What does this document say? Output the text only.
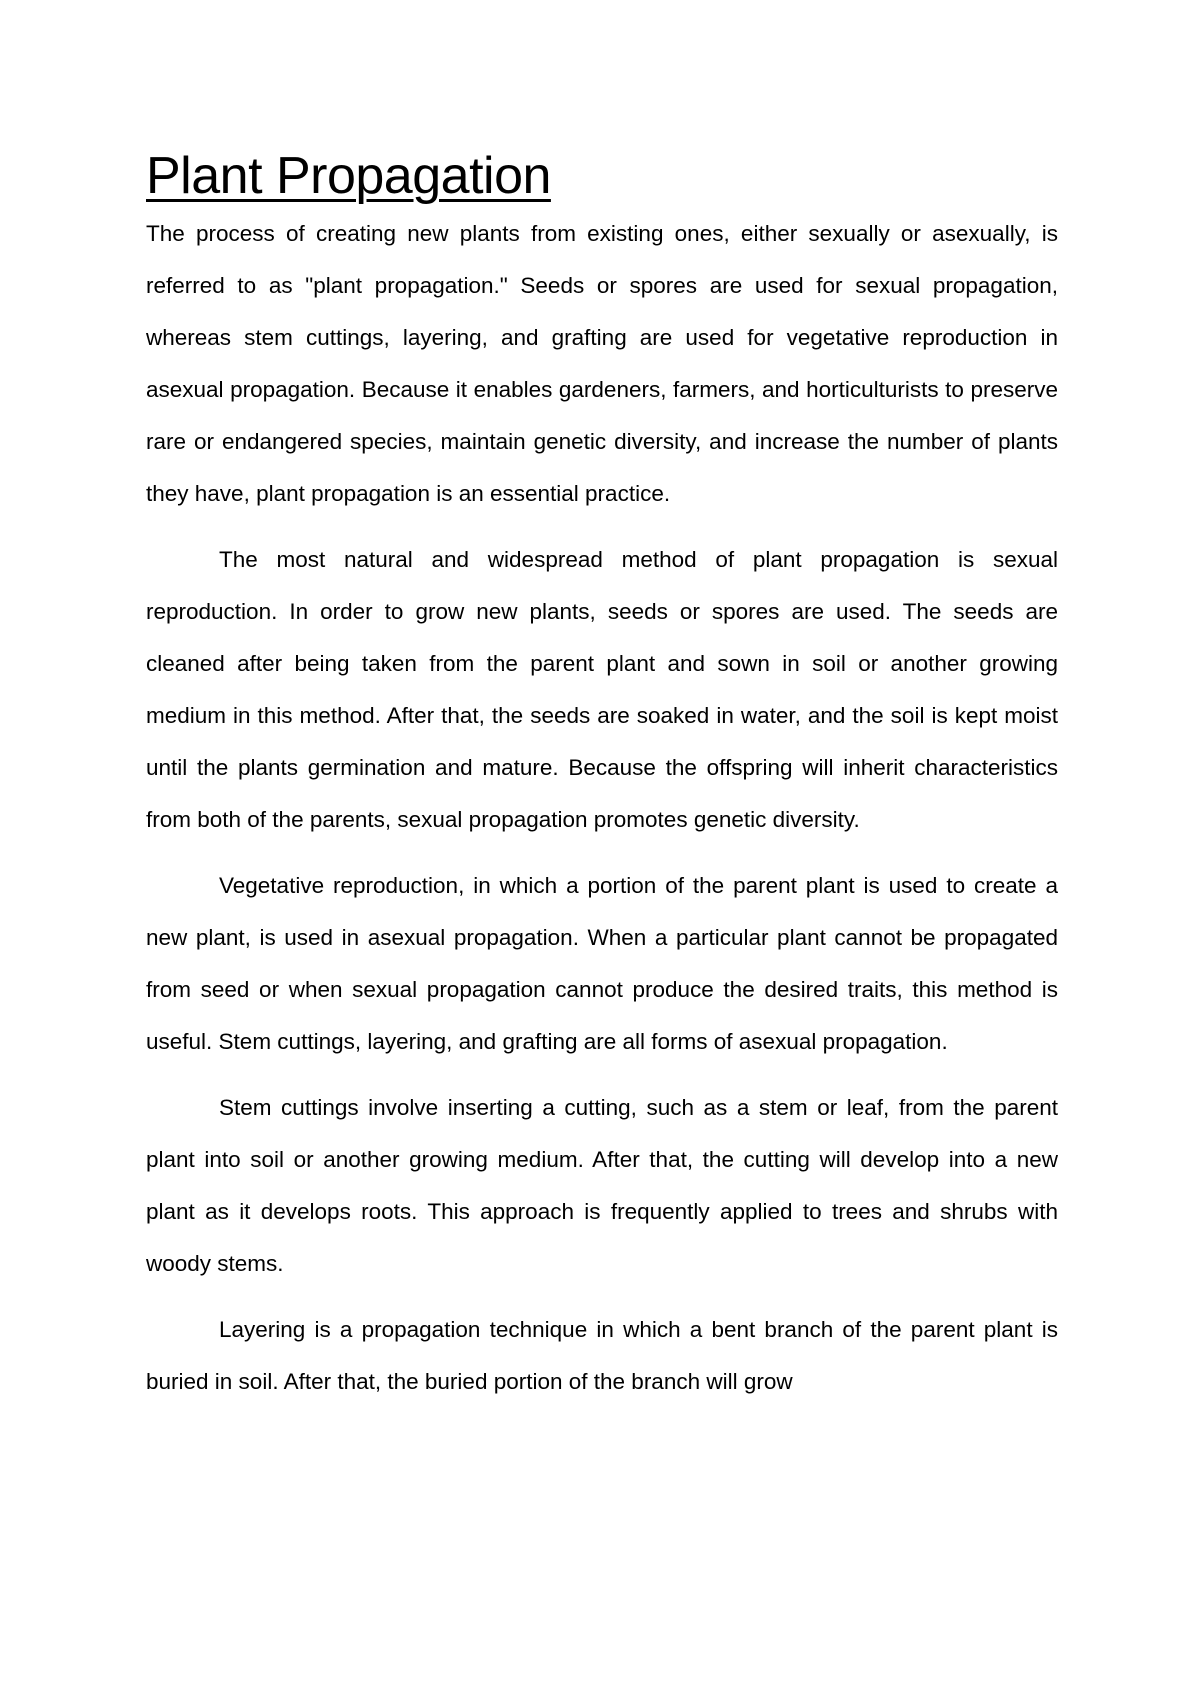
Plant Propagation

The process of creating new plants from existing ones, either sexually or asexually, is referred to as "plant propagation." Seeds or spores are used for sexual propagation, whereas stem cuttings, layering, and grafting are used for vegetative reproduction in asexual propagation. Because it enables gardeners, farmers, and horticulturists to preserve rare or endangered species, maintain genetic diversity, and increase the number of plants they have, plant propagation is an essential practice.

The most natural and widespread method of plant propagation is sexual reproduction. In order to grow new plants, seeds or spores are used. The seeds are cleaned after being taken from the parent plant and sown in soil or another growing medium in this method. After that, the seeds are soaked in water, and the soil is kept moist until the plants germination and mature. Because the offspring will inherit characteristics from both of the parents, sexual propagation promotes genetic diversity.

Vegetative reproduction, in which a portion of the parent plant is used to create a new plant, is used in asexual propagation. When a particular plant cannot be propagated from seed or when sexual propagation cannot produce the desired traits, this method is useful. Stem cuttings, layering, and grafting are all forms of asexual propagation.

Stem cuttings involve inserting a cutting, such as a stem or leaf, from the parent plant into soil or another growing medium. After that, the cutting will develop into a new plant as it develops roots. This approach is frequently applied to trees and shrubs with woody stems.

Layering is a propagation technique in which a bent branch of the parent plant is buried in soil. After that, the buried portion of the branch will grow
